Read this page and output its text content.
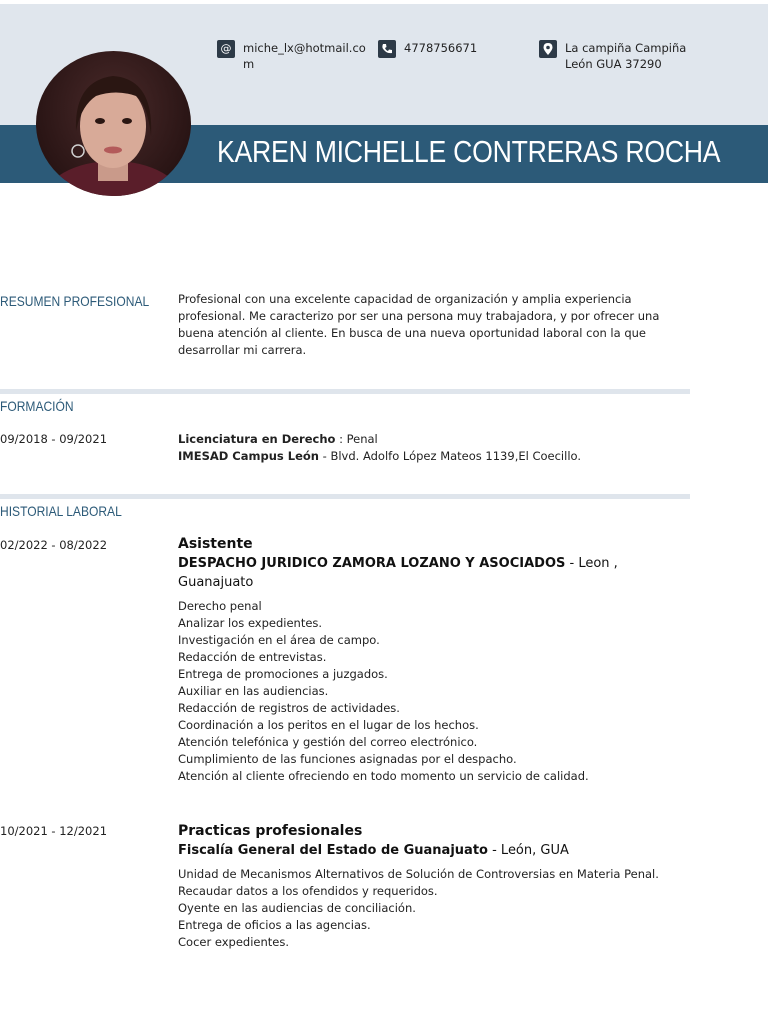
KAREN MICHELLE CONTRERAS ROCHA
@	miche_lx@hotmail.com
4778756671	La campiña Campiña León GUA 37290
RESUMEN PROFESIONAL	Profesional con una excelente capacidad de organización y amplia experiencia profesional. Me caracterizo por ser una persona muy trabajadora, y por ofrecer una buena atención al cliente. En busca de una nueva oportunidad laboral con la que desarrollar mi carrera.
FORMACIÓN
09/2018 - 09/2021	Licenciatura en Derecho : Penal
IMESAD Campus León - Blvd. Adolfo López Mateos 1139,El Coecillo.
HISTORIAL LABORAL
02/2022 - 08/2022	Asistente
DESPACHO JURIDICO ZAMORA LOZANO Y ASOCIADOS - Leon , Guanajuato
Derecho penal
Analizar los expedientes.
Investigación en el área de campo.
Redacción de entrevistas.
Entrega de promociones a juzgados.
Auxiliar en las audiencias.
Redacción de registros de actividades.
Coordinación a los peritos en el lugar de los hechos.
Atención telefónica y gestión del correo electrónico.
Cumplimiento de las funciones asignadas por el despacho.
Atención al cliente ofreciendo en todo momento un servicio de calidad.
10/2021 - 12/2021	Practicas profesionales
Fiscalía General del Estado de Guanajuato - León, GUA
Unidad de Mecanismos Alternativos de Solución de Controversias en Materia Penal.
Recaudar datos a los ofendidos y requeridos.
Oyente en las audiencias de conciliación.
Entrega de oficios a las agencias.
Cocer expedientes.
